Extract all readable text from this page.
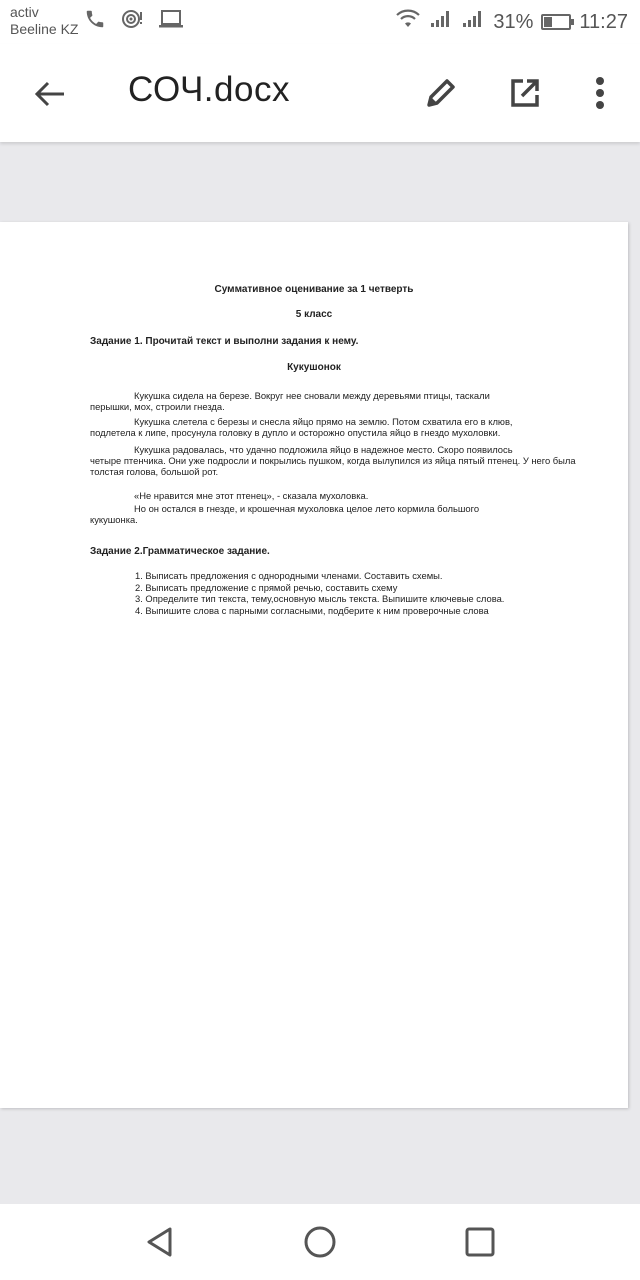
activ
Beeline KZ	31% 11:27
СОЧ.docx
Суммативное оценивание за 1 четверть
5 класс
Задание 1. Прочитай текст и выполни задания к нему.
Кукушонок
Кукушка сидела на березе. Вокруг нее сновали между деревьями птицы, таскали
перышки, мох, строили гнезда.
Кукушка слетела с березы и снесла яйцо прямо на землю. Потом схватила его в клюв,
подлетела к липе, просунула головку в дупло и осторожно опустила яйцо в гнездо мухоловки.
Кукушка радовалась, что удачно подложила яйцо в надежное место. Скоро появилось
четыре птенчика. Они уже подросли и покрылись пушком, когда вылупился из яйца пятый птенец. У него была толстая голова, большой рот.
«Не нравится мне этот птенец», - сказала мухоловка.
Но он остался в гнезде, и крошечная мухоловка целое лето кормила большого
кукушонка.
Задание 2.Грамматическое задание.
1. Выписать предложения с однородными членами. Составить схемы.
2. Выписать предложение с прямой речью, составить схему
3. Определите тип текста, тему,основную мысль текста. Выпишите ключевые слова.
4. Выпишите слова с парными согласными, подберите к ним проверочные слова
